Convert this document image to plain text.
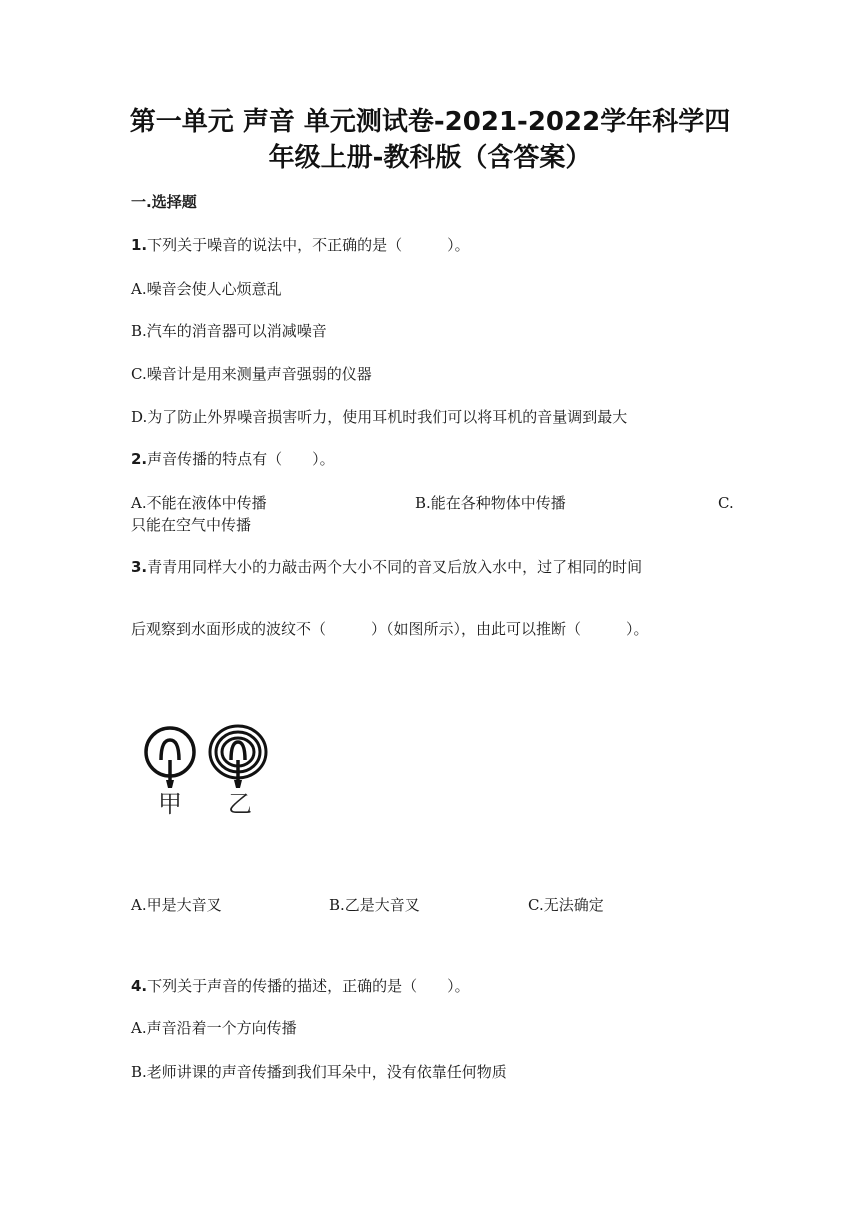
第一单元 声音 单元测试卷-2021-2022学年科学四
年级上册-教科版（含答案）
一.选择题

1.下列关于噪音的说法中，不正确的是（　　　）。

A.噪音会使人心烦意乱

B.汽车的消音器可以消减噪音

C.噪音计是用来测量声音强弱的仪器

D.为了防止外界噪音损害听力，使用耳机时我们可以将耳机的音量调到最大

2.声音传播的特点有（　　）。

A.不能在液体中传播	B.能在各种物体中传播	C.
只能在空气中传播

3.青青用同样大小的力敲击两个大小不同的音叉后放入水中，过了相同的时间

后观察到水面形成的波纹不（　　　）（如图所示），由此可以推断（　　　）。

甲 乙
A.甲是大音叉	B.乙是大音叉	C.无法确定

4.下列关于声音的传播的描述，正确的是（　　）。

A.声音沿着一个方向传播

B.老师讲课的声音传播到我们耳朵中，没有依靠任何物质
